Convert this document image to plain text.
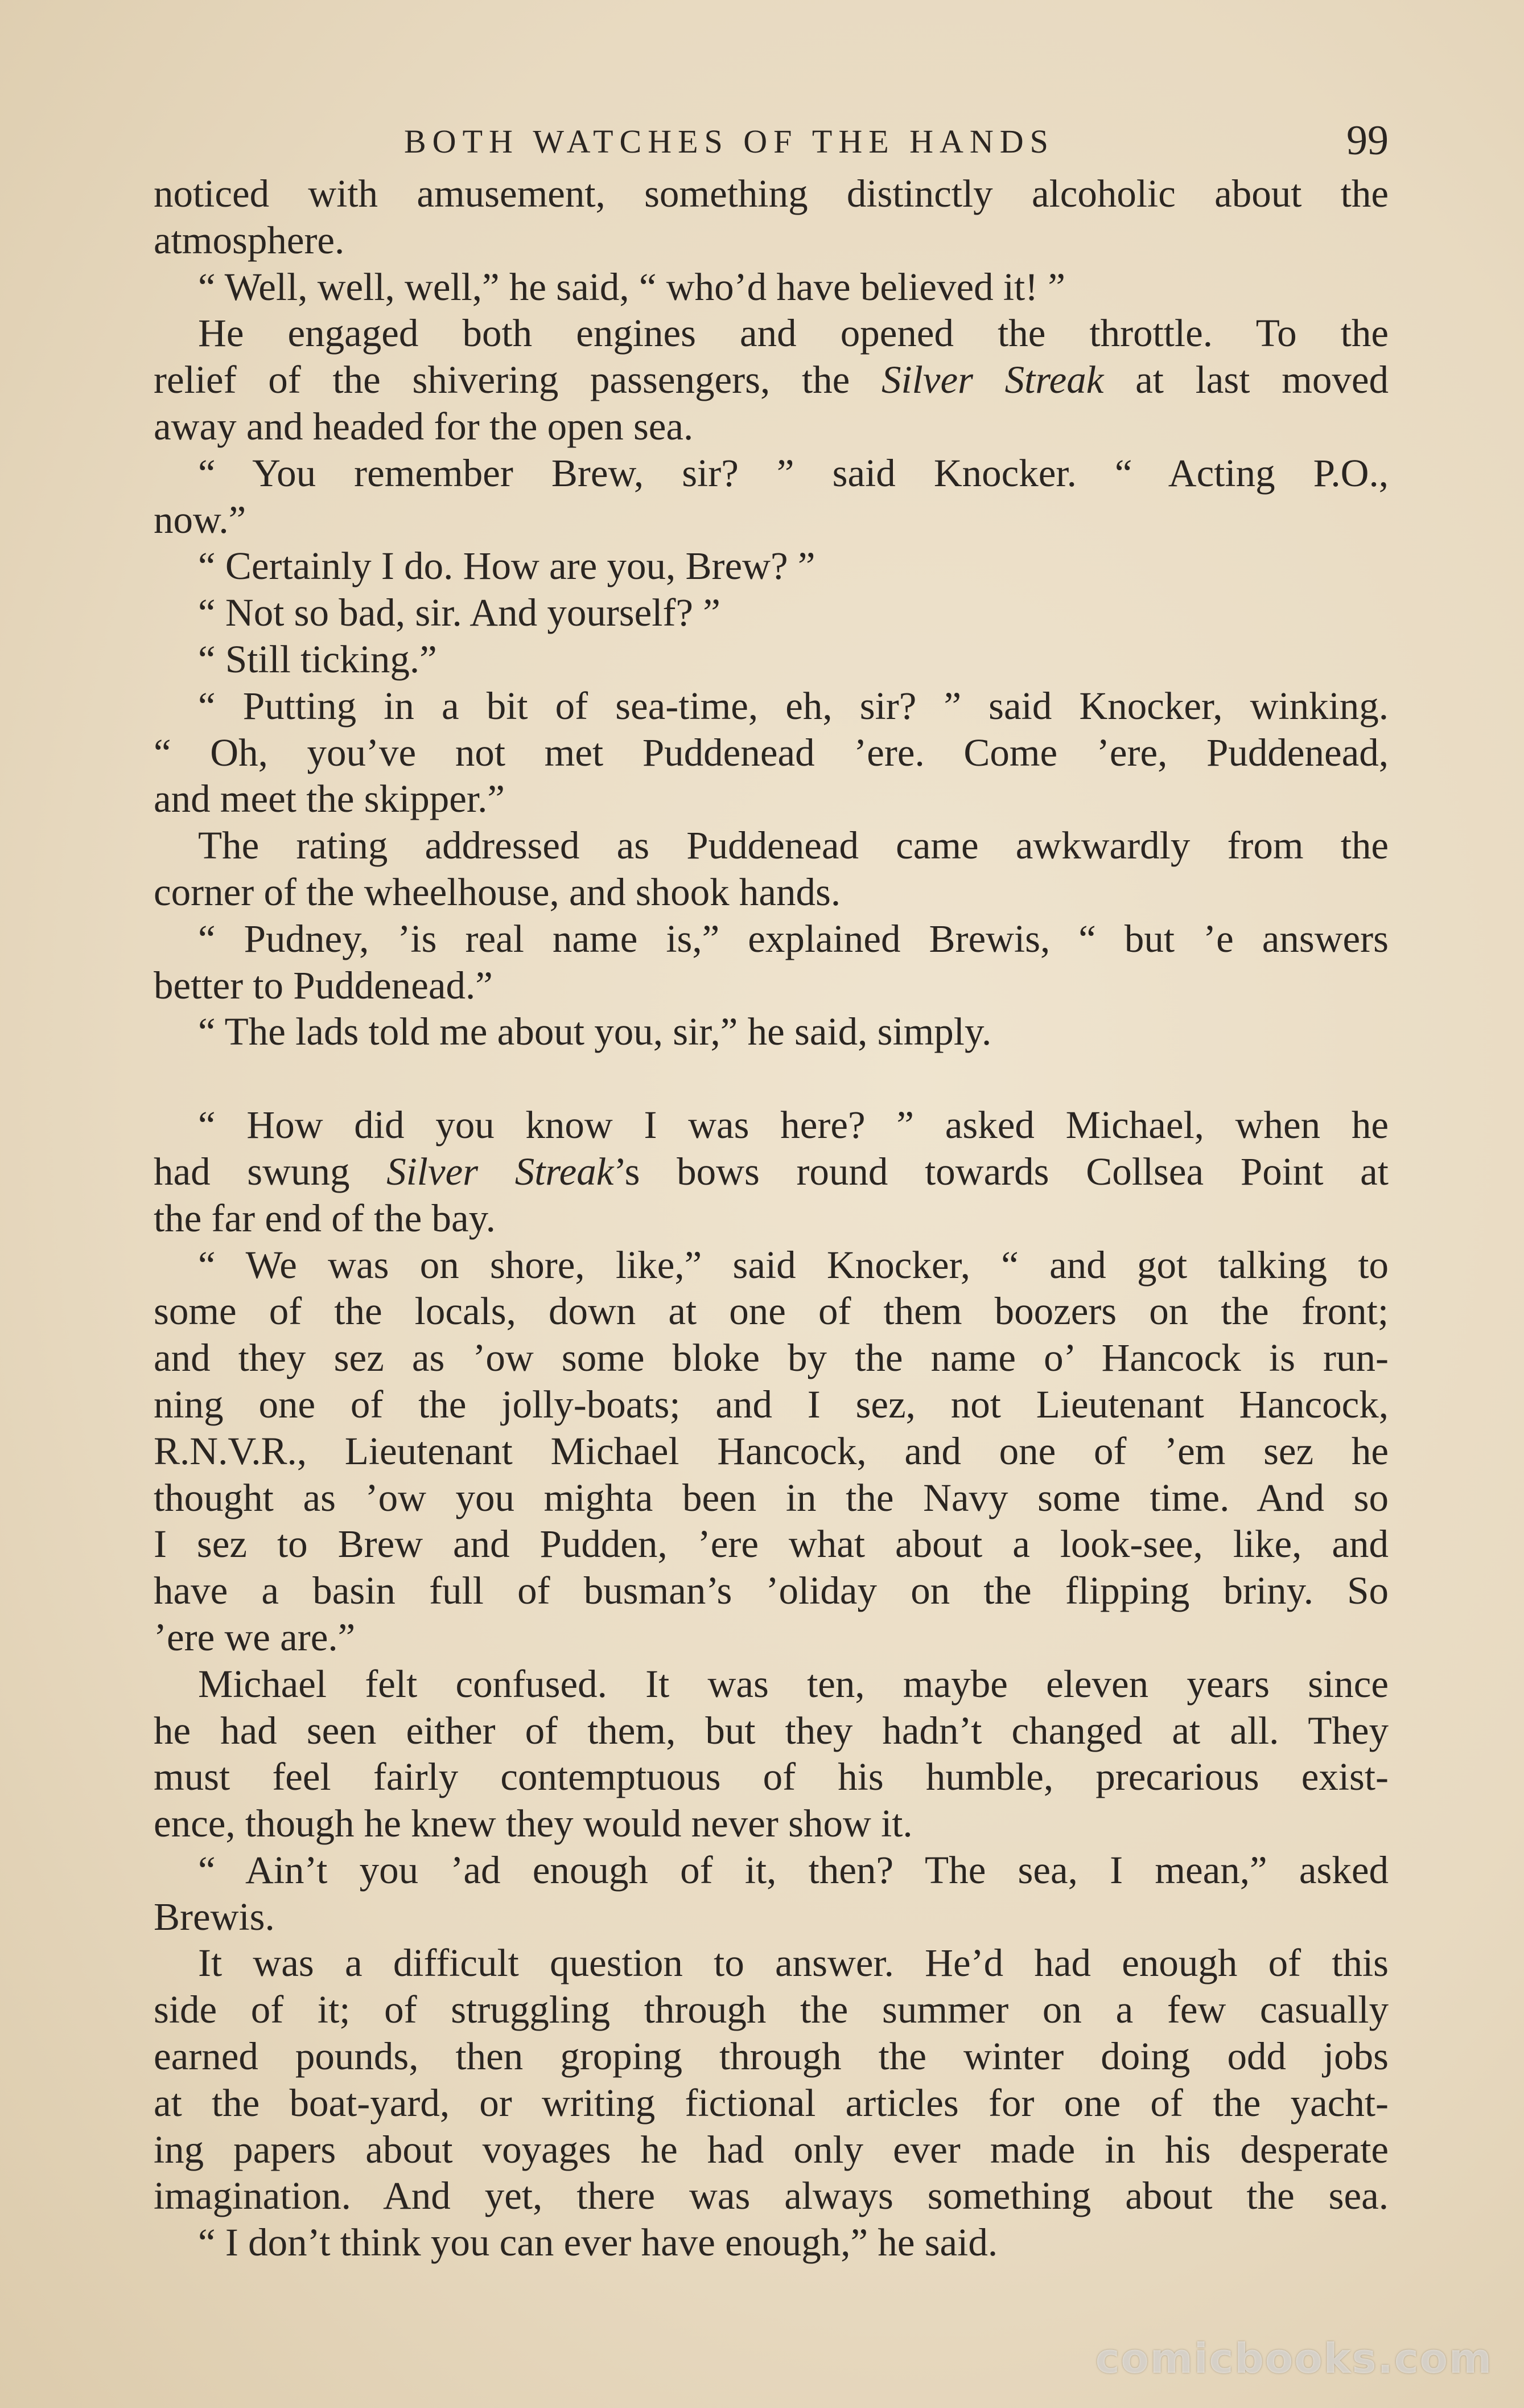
BOTH WATCHES OF THE HANDS	99
noticed with amusement, something distinctly alcoholic about the
atmosphere.
“ Well, well, well,” he said, “ who’d have believed it! ”
He engaged both engines and opened the throttle. To the
relief of the shivering passengers, the Silver Streak at last moved
away and headed for the open sea.
“ You remember Brew, sir? ” said Knocker. “ Acting P.O.,
now.”
“ Certainly I do. How are you, Brew? ”
“ Not so bad, sir. And yourself? ”
“ Still ticking.”
“ Putting in a bit of sea-time, eh, sir? ” said Knocker, winking.
“ Oh, you’ve not met Puddenead ’ere. Come ’ere, Puddenead,
and meet the skipper.”
The rating addressed as Puddenead came awkwardly from the
corner of the wheelhouse, and shook hands.
“ Pudney, ’is real name is,” explained Brewis, “ but ’e answers
better to Puddenead.”
“ The lads told me about you, sir,” he said, simply.
“ How did you know I was here? ” asked Michael, when he
had swung Silver Streak’s bows round towards Collsea Point at
the far end of the bay.
“ We was on shore, like,” said Knocker, “ and got talking to
some of the locals, down at one of them boozers on the front;
and they sez as ’ow some bloke by the name o’ Hancock is run-
ning one of the jolly-boats; and I sez, not Lieutenant Hancock,
R.N.V.R., Lieutenant Michael Hancock, and one of ’em sez he
thought as ’ow you mighta been in the Navy some time. And so
I sez to Brew and Pudden, ’ere what about a look-see, like, and
have a basin full of busman’s ’oliday on the flipping briny. So
’ere we are.”
Michael felt confused. It was ten, maybe eleven years since
he had seen either of them, but they hadn’t changed at all. They
must feel fairly contemptuous of his humble, precarious exist-
ence, though he knew they would never show it.
“ Ain’t you ’ad enough of it, then? The sea, I mean,” asked
Brewis.
It was a difficult question to answer. He’d had enough of this
side of it; of struggling through the summer on a few casually
earned pounds, then groping through the winter doing odd jobs
at the boat-yard, or writing fictional articles for one of the yacht-
ing papers about voyages he had only ever made in his desperate
imagination. And yet, there was always something about the sea.
“ I don’t think you can ever have enough,” he said.
comicbooks.com
